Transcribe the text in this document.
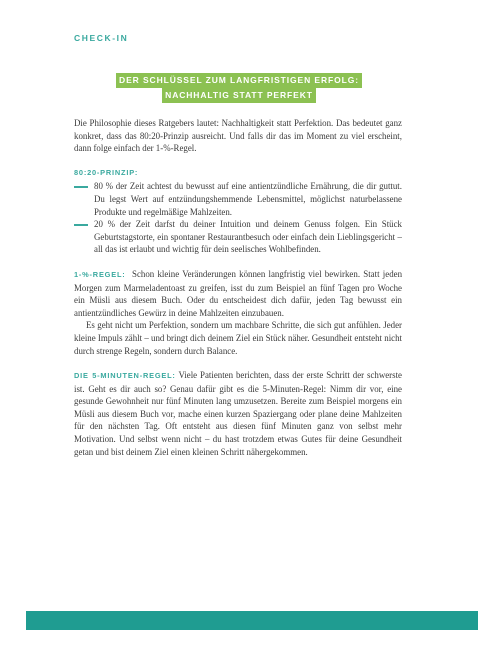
CHECK-IN
DER SCHLÜSSEL ZUM LANGFRISTIGEN ERFOLG:
NACHHALTIG STATT PERFEKT

Die Philosophie dieses Ratgebers lautet: Nachhaltigkeit statt Perfektion. Das bedeutet ganz konkret, dass das 80:20-Prinzip ausreicht. Und falls dir das im Moment zu viel erscheint, dann folge einfach der 1-%-Regel.

80:20-PRINZIP:
80 % der Zeit achtest du bewusst auf eine antientzündliche Ernährung, die dir guttut. Du legst Wert auf entzündungshemmende Lebensmittel, möglichst naturbelassene Produkte und regelmäßige Mahlzeiten.
20 % der Zeit darfst du deiner Intuition und deinem Genuss folgen. Ein Stück Geburtstagstorte, ein spontaner Restaurantbesuch oder einfach dein Lieblingsgericht – all das ist erlaubt und wichtig für dein seelisches Wohlbefinden.

1-%-REGEL: Schon kleine Veränderungen können langfristig viel bewirken. Statt jeden Morgen zum Marmeladentoast zu greifen, isst du zum Beispiel an fünf Tagen pro Woche ein Müsli aus diesem Buch. Oder du entscheidest dich dafür, jeden Tag bewusst ein antientzündliches Gewürz in deine Mahlzeiten einzubauen.

Es geht nicht um Perfektion, sondern um machbare Schritte, die sich gut anfühlen. Jeder kleine Impuls zählt – und bringt dich deinem Ziel ein Stück näher. Gesundheit entsteht nicht durch strenge Regeln, sondern durch Balance.

DIE 5-MINUTEN-REGEL: Viele Patienten berichten, dass der erste Schritt der schwerste ist. Geht es dir auch so? Genau dafür gibt es die 5-Minuten-Regel: Nimm dir vor, eine gesunde Gewohnheit nur fünf Minuten lang umzusetzen. Bereite zum Beispiel morgens ein Müsli aus diesem Buch vor, mache einen kurzen Spaziergang oder plane deine Mahlzeiten für den nächsten Tag. Oft entsteht aus diesen fünf Minuten ganz von selbst mehr Motivation. Und selbst wenn nicht – du hast trotzdem etwas Gutes für deine Gesundheit getan und bist deinem Ziel einen kleinen Schritt nähergekommen.
